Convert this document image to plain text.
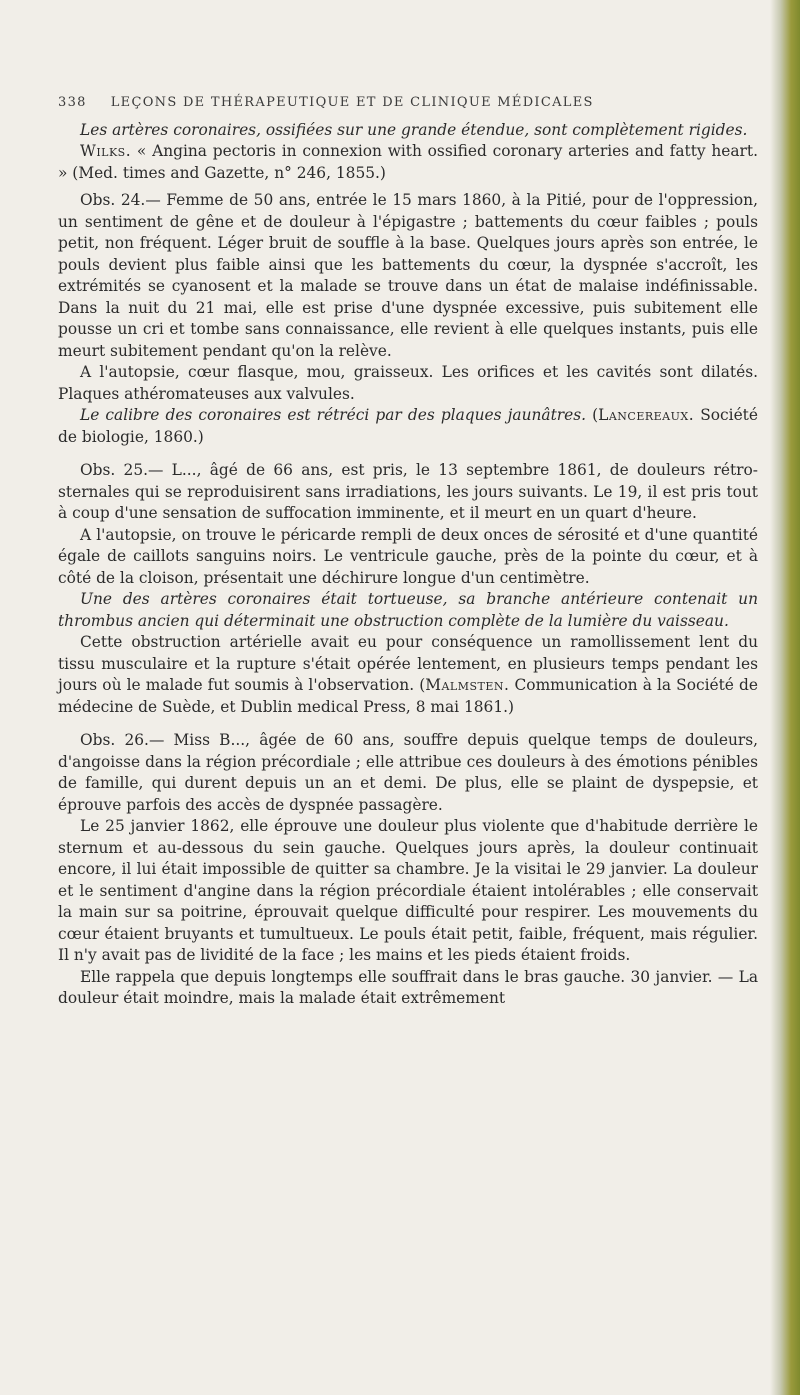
338 LEÇONS DE THÉRAPEUTIQUE ET DE CLINIQUE MÉDICALES

Les artères coronaires, ossifiées sur une grande étendue, sont complètement rigides.

Wilks. « Angina pectoris in connexion with ossified coronary arteries and fatty heart. » (Med. times and Gazette, n° 246, 1855.)

Obs. 24.— Femme de 50 ans, entrée le 15 mars 1860, à la Pitié, pour de l'oppression, un sentiment de gêne et de douleur à l'épigastre ; battements du cœur faibles ; pouls petit, non fréquent. Léger bruit de souffle à la base. Quelques jours après son entrée, le pouls devient plus faible ainsi que les battements du cœur, la dyspnée s'accroît, les extrémités se cyanosent et la malade se trouve dans un état de malaise indéfinissable. Dans la nuit du 21 mai, elle est prise d'une dyspnée excessive, puis subitement elle pousse un cri et tombe sans connaissance, elle revient à elle quelques instants, puis elle meurt subitement pendant qu'on la relève.

A l'autopsie, cœur flasque, mou, graisseux. Les orifices et les cavités sont dilatés. Plaques athéromateuses aux valvules.

Le calibre des coronaires est rétréci par des plaques jaunâtres. (Lancereaux. Société de biologie, 1860.)

Obs. 25.— L..., âgé de 66 ans, est pris, le 13 septembre 1861, de douleurs rétro-sternales qui se reproduisirent sans irradiations, les jours suivants. Le 19, il est pris tout à coup d'une sensation de suffocation imminente, et il meurt en un quart d'heure.

A l'autopsie, on trouve le péricarde rempli de deux onces de sérosité et d'une quantité égale de caillots sanguins noirs. Le ventricule gauche, près de la pointe du cœur, et à côté de la cloison, présentait une déchirure longue d'un centimètre.

Une des artères coronaires était tortueuse, sa branche antérieure contenait un thrombus ancien qui déterminait une obstruction complète de la lumière du vaisseau.

Cette obstruction artérielle avait eu pour conséquence un ramollissement lent du tissu musculaire et la rupture s'était opérée lentement, en plusieurs temps pendant les jours où le malade fut soumis à l'observation. (Malmsten. Communication à la Société de médecine de Suède, et Dublin medical Press, 8 mai 1861.)

Obs. 26.— Miss B..., âgée de 60 ans, souffre depuis quelque temps de douleurs, d'angoisse dans la région précordiale ; elle attribue ces douleurs à des émotions pénibles de famille, qui durent depuis un an et demi. De plus, elle se plaint de dyspepsie, et éprouve parfois des accès de dyspnée passagère.

Le 25 janvier 1862, elle éprouve une douleur plus violente que d'habitude derrière le sternum et au-dessous du sein gauche. Quelques jours après, la douleur continuait encore, il lui était impossible de quitter sa chambre. Je la visitai le 29 janvier. La douleur et le sentiment d'angine dans la région précordiale étaient intolérables ; elle conservait la main sur sa poitrine, éprouvait quelque difficulté pour respirer. Les mouvements du cœur étaient bruyants et tumultueux. Le pouls était petit, faible, fréquent, mais régulier. Il n'y avait pas de lividité de la face ; les mains et les pieds étaient froids.

Elle rappela que depuis longtemps elle souffrait dans le bras gauche. 30 janvier. — La douleur était moindre, mais la malade était extrêmement
